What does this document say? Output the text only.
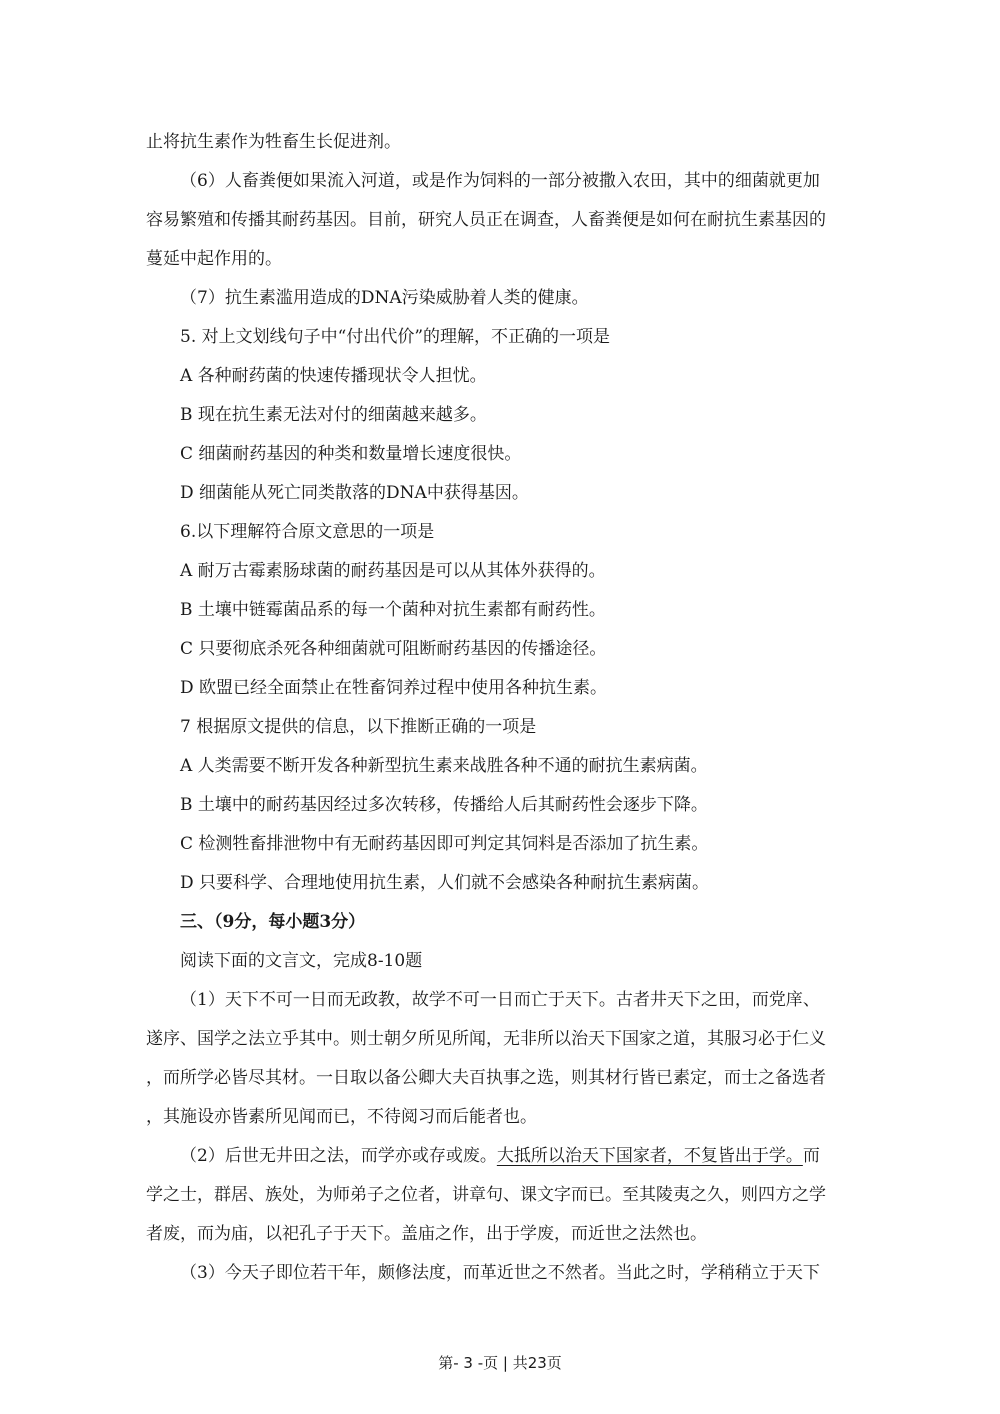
止将抗生素作为牲畜生长促进剂。
（6）人畜粪便如果流入河道，或是作为饲料的一部分被撒入农田，其中的细菌就更加
容易繁殖和传播其耐药基因。目前，研究人员正在调查，人畜粪便是如何在耐抗生素基因的
蔓延中起作用的。
（7）抗生素滥用造成的DNA污染威胁着人类的健康。
5. 对上文划线句子中“付出代价”的理解，不正确的一项是
A 各种耐药菌的快速传播现状令人担忧。
B 现在抗生素无法对付的细菌越来越多。
C 细菌耐药基因的种类和数量增长速度很快。
D 细菌能从死亡同类散落的DNA中获得基因。
6.以下理解符合原文意思的一项是
A 耐万古霉素肠球菌的耐药基因是可以从其体外获得的。
B 土壤中链霉菌品系的每一个菌种对抗生素都有耐药性。
C 只要彻底杀死各种细菌就可阻断耐药基因的传播途径。
D 欧盟已经全面禁止在牲畜饲养过程中使用各种抗生素。
7 根据原文提供的信息，以下推断正确的一项是
A 人类需要不断开发各种新型抗生素来战胜各种不通的耐抗生素病菌。
B 土壤中的耐药基因经过多次转移，传播给人后其耐药性会逐步下降。
C 检测牲畜排泄物中有无耐药基因即可判定其饲料是否添加了抗生素。
D 只要科学、合理地使用抗生素，人们就不会感染各种耐抗生素病菌。
三、（9分，每小题3分）
阅读下面的文言文，完成8-10题
（1）天下不可一日而无政教，故学不可一日而亡于天下。古者井天下之田，而党庠、
遂序、国学之法立乎其中。则士朝夕所见所闻，无非所以治天下国家之道，其服习必于仁义
，而所学必皆尽其材。一日取以备公卿大夫百执事之选，则其材行皆已素定，而士之备选者
，其施设亦皆素所见闻而已，不待阅习而后能者也。
（2）后世无井田之法，而学亦或存或废。大抵所以治天下国家者，不复皆出于学。而
学之士，群居、族处，为师弟子之位者，讲章句、课文字而已。至其陵夷之久，则四方之学
者废，而为庙，以祀孔子于天下。盖庙之作，出于学废，而近世之法然也。
（3）今天子即位若干年，颇修法度，而革近世之不然者。当此之时，学稍稍立于天下
第- 3 -页 | 共23页
